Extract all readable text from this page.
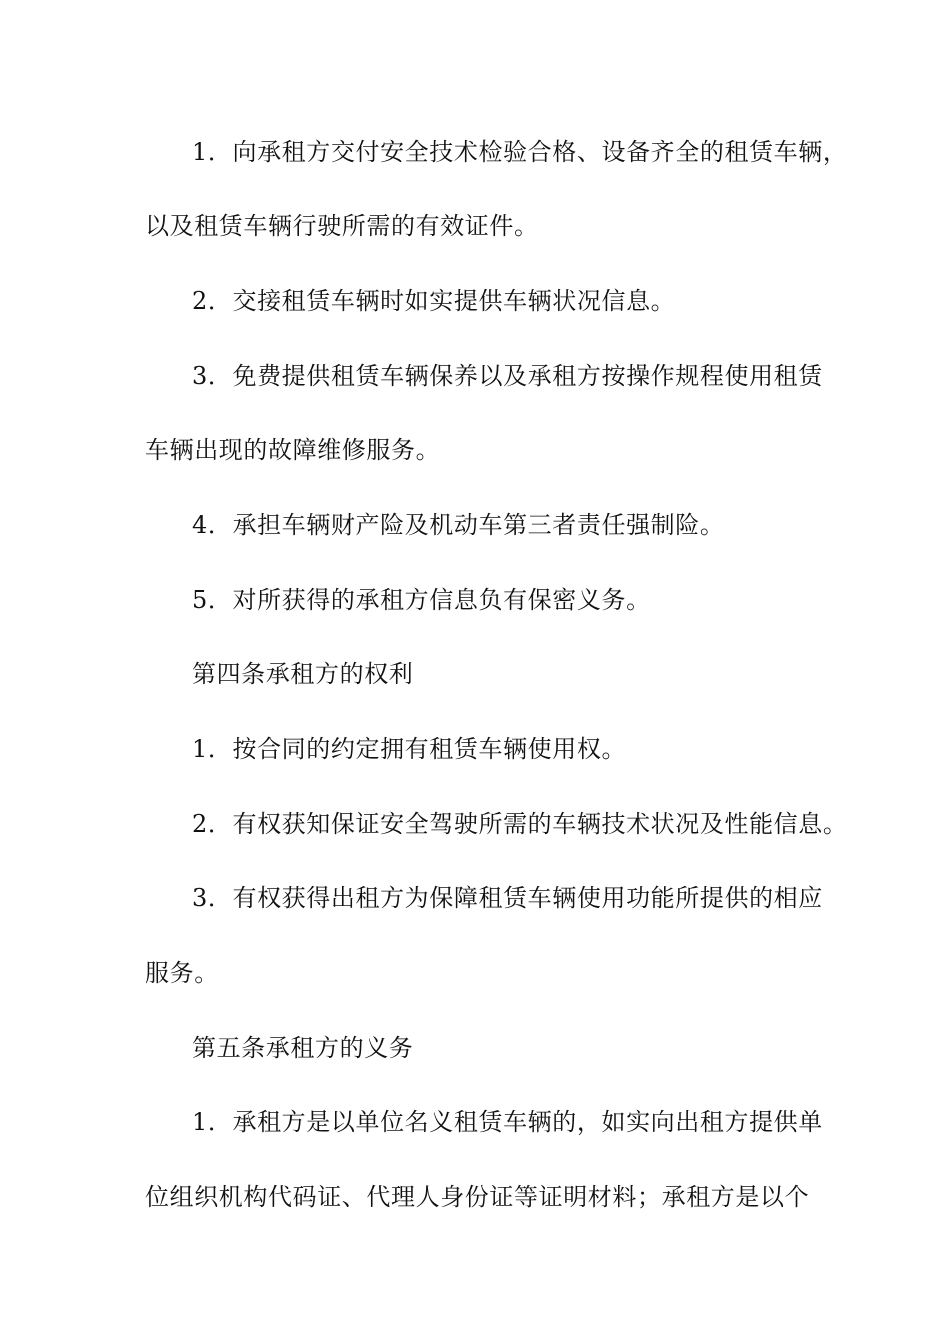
1．向承租方交付安全技术检验合格、设备齐全的租赁车辆，
以及租赁车辆行驶所需的有效证件。
2．交接租赁车辆时如实提供车辆状况信息。
3．免费提供租赁车辆保养以及承租方按操作规程使用租赁
车辆出现的故障维修服务。
4．承担车辆财产险及机动车第三者责任强制险。
5．对所获得的承租方信息负有保密义务。
第四条承租方的权利
1．按合同的约定拥有租赁车辆使用权。
2．有权获知保证安全驾驶所需的车辆技术状况及性能信息。
3．有权获得出租方为保障租赁车辆使用功能所提供的相应
服务。
第五条承租方的义务
1．承租方是以单位名义租赁车辆的，如实向出租方提供单
位组织机构代码证、代理人身份证等证明材料；承租方是以个
